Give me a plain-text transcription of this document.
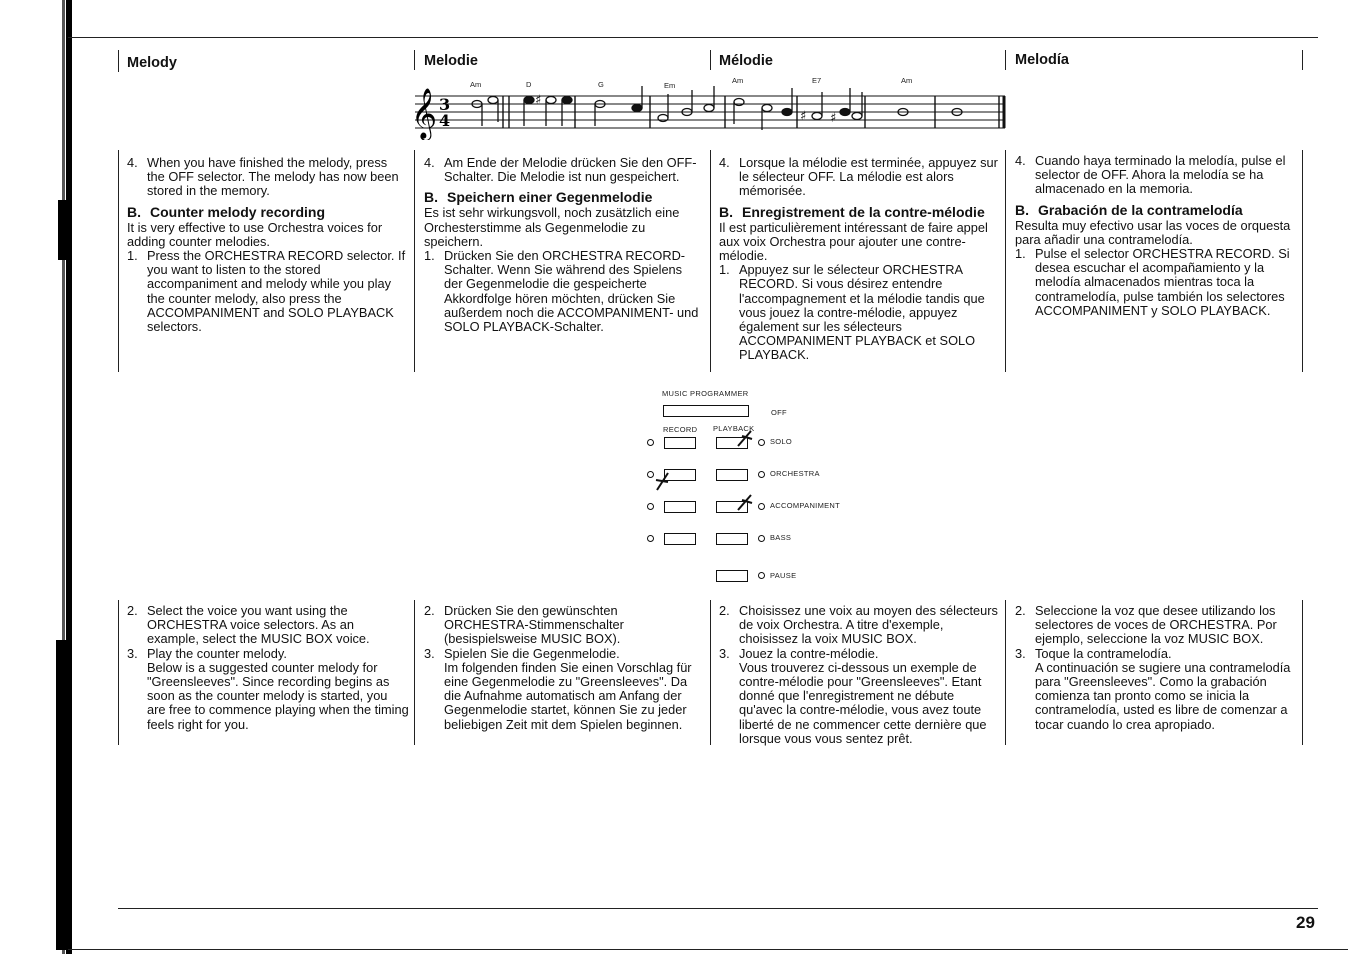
Melody	Melodie	Mélodie	Melodía
𝄞 3
4
♯
♯ ♯
Am	D	G	Em
Am	E7	Am
4. When you have finished the melody, press the OFF selector. The melody has now been stored in the memory.
B. Counter melody recording

It is very effective to use Orchestra voices for adding counter melodies.

1. Press the ORCHESTRA RECORD selector. If you want to listen to the stored accompaniment and melody while you play the counter melody, also press the ACCOMPANIMENT and SOLO PLAYBACK selectors.
4. Am Ende der Melodie drücken Sie den OFF-Schalter. Die Melodie ist nun gespeichert.
B. Speichern einer Gegenmelodie

Es ist sehr wirkungsvoll, noch zusätzlich eine Orchesterstimme als Gegenmelodie zu speichern.

1. Drücken Sie den ORCHESTRA RECORD-Schalter. Wenn Sie während des Spielens der Gegenmelodie die gespeicherte Akkordfolge hören möchten, drücken Sie außerdem noch die ACCOMPANIMENT- und SOLO PLAYBACK-Schalter.
4. Lorsque la mélodie est terminée, appuyez sur le sélecteur OFF. La mélodie est alors mémorisée.
B. Enregistrement de la contre-mélodie

Il est particulièrement intéressant de faire appel aux voix Orchestra pour ajouter une contre-mélodie.

1. Appuyez sur le sélecteur ORCHESTRA RECORD. Si vous désirez entendre l'accompagnement et la mélodie tandis que vous jouez la contre-mélodie, appuyez également sur les sélecteurs ACCOMPANIMENT PLAYBACK et SOLO PLAYBACK.
4. Cuando haya terminado la melodía, pulse el selector de OFF. Ahora la melodía se ha almacenado en la memoria.
B. Grabación de la contramelodía

Resulta muy efectivo usar las voces de orquesta para añadir una contramelodía.

1. Pulse el selector ORCHESTRA RECORD. Si desea escuchar el acompañamiento y la melodía almacenados mientras toca la contramelodía, pulse también los selectores ACCOMPANIMENT y SOLO PLAYBACK.
MUSIC PROGRAMMER
OFF
RECORD PLAYBACK
SOLO
ORCHESTRA
ACCOMPANIMENT
BASS
PAUSE
2. Select the voice you want using the ORCHESTRA voice selectors. As an example, select the MUSIC BOX voice.
3. Play the counter melody.

Below is a suggested counter melody for "Greensleeves". Since recording begins as soon as the counter melody is started, you are free to commence playing when the timing feels right for you.

2. Drücken Sie den gewünschten ORCHESTRA-Stimmenschalter (besispielsweise MUSIC BOX).
3. Spielen Sie die Gegenmelodie.

Im folgenden finden Sie einen Vorschlag für eine Gegenmelodie zu "Greensleeves". Da die Aufnahme automatisch am Anfang der Gegenmelodie startet, können Sie zu jeder beliebigen Zeit mit dem Spielen beginnen.

2. Choisissez une voix au moyen des sélecteurs de voix Orchestra. A titre d'exemple, choisissez la voix MUSIC BOX.
3. Jouez la contre-mélodie.

Vous trouverez ci-dessous un exemple de contre-mélodie pour "Greensleeves". Etant donné que l'enregistrement ne débute qu'avec la contre-mélodie, vous avez toute liberté de ne commencer cette dernière que lorsque vous vous sentez prêt.

2. Seleccione la voz que desee utilizando los selectores de voces de ORCHESTRA. Por ejemplo, seleccione la voz MUSIC BOX.
3. Toque la contramelodía.

A continuación se sugiere una contramelodía para "Greensleeves". Como la grabación comienza tan pronto como se inicia la contramelodía, usted es libre de comenzar a tocar cuando lo crea apropiado.

29
